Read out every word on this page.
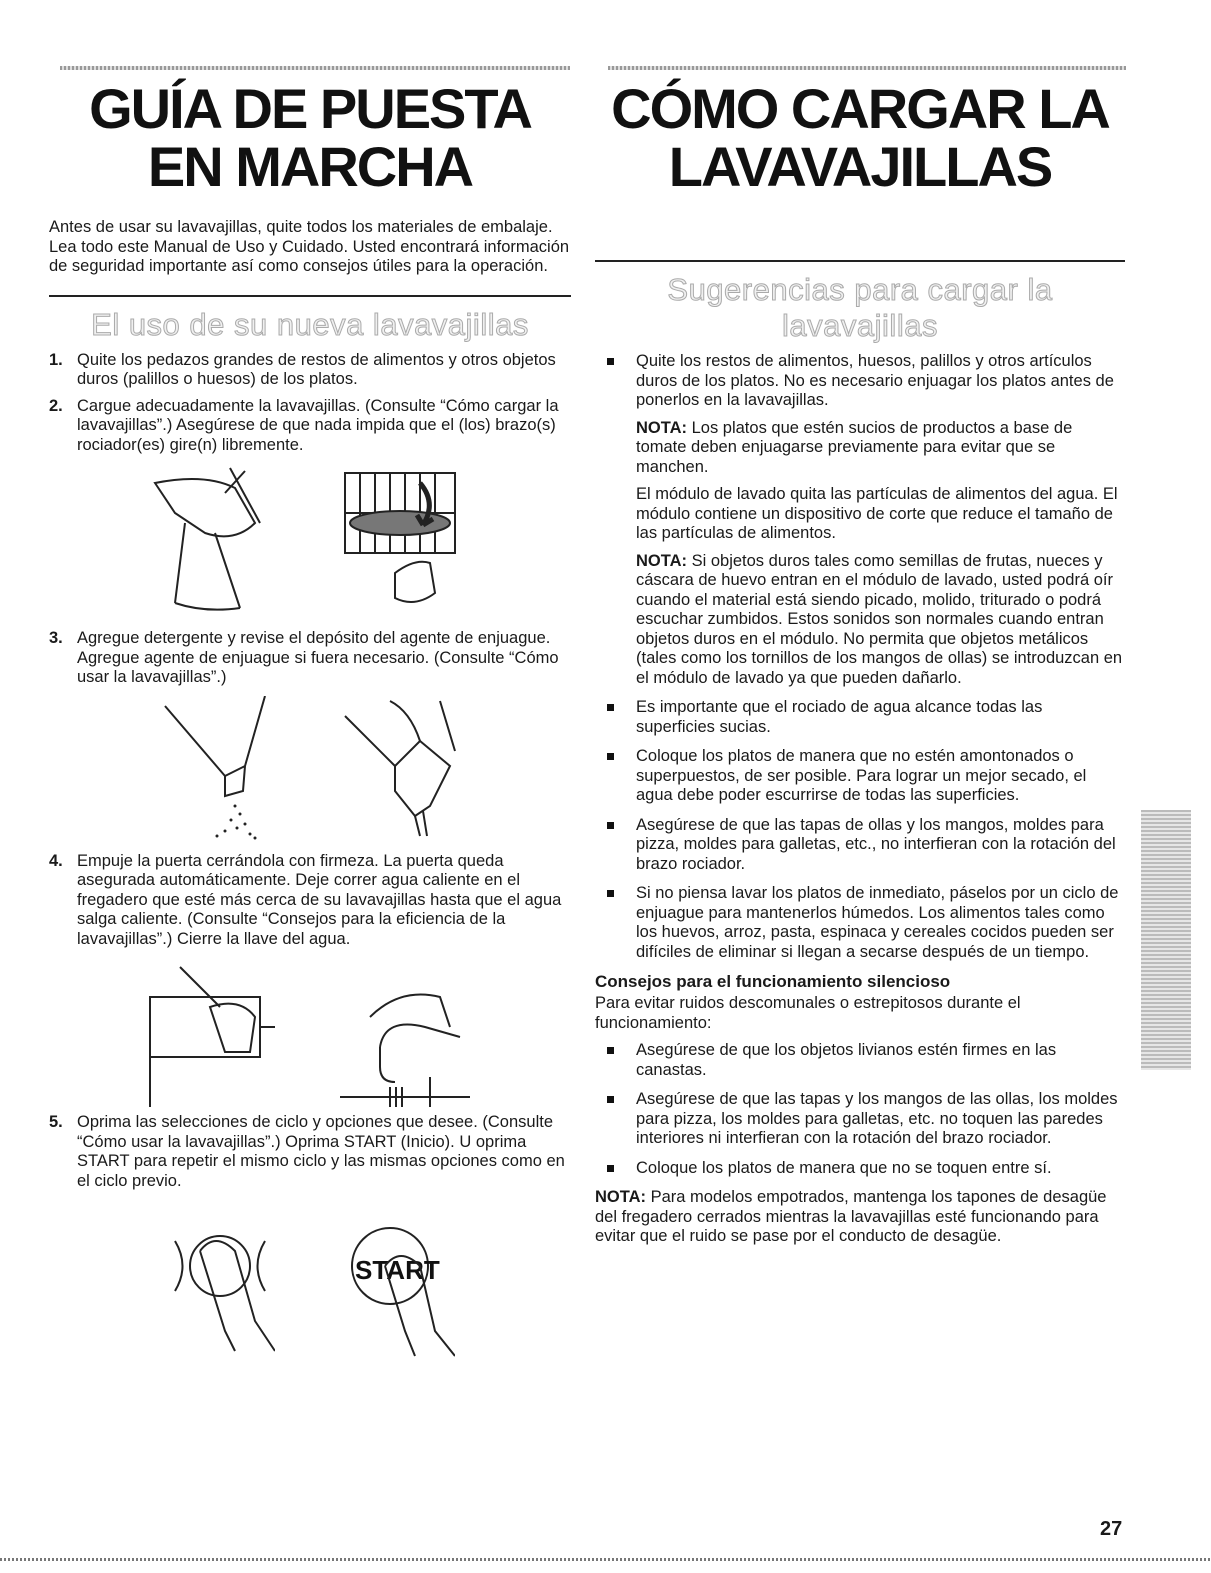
GUÍA DE PUESTA
EN MARCHA

Antes de usar su lavavajillas, quite todos los materiales de embalaje. Lea todo este Manual de Uso y Cuidado. Usted encontrará información de seguridad importante así como consejos útiles para la operación.

El uso de su nueva lavavajillas
1. Quite los pedazos grandes de restos de alimentos y otros objetos duros (palillos o huesos) de los platos.
2. Cargue adecuadamente la lavavajillas. (Consulte “Cómo cargar la lavavajillas”.) Asegúrese de que nada impida que el (los) brazo(s) rociador(es) gire(n) libremente.
3. Agregue detergente y revise el depósito del agente de enjuague. Agregue agente de enjuague si fuera necesario. (Consulte “Cómo usar la lavavajillas”.)
4. Empuje la puerta cerrándola con firmeza. La puerta queda asegurada automáticamente. Deje correr agua caliente en el fregadero que esté más cerca de su lavavajillas hasta que el agua salga caliente. (Consulte “Consejos para la eficiencia de la lavavajillas”.) Cierre la llave del agua.
5. Oprima las selecciones de ciclo y opciones que desee. (Consulte “Cómo usar la lavavajillas”.) Oprima START (Inicio). U oprima START para repetir el mismo ciclo y las mismas opciones como en el ciclo previo.
START
CÓMO CARGAR LA
LAVAVAJILLAS
Sugerencias para cargar la lavavajillas
Quite los restos de alimentos, huesos, palillos y otros artículos duros de los platos. No es necesario enjuagar los platos antes de ponerlos en la lavavajillas.
NOTA: Los platos que estén sucios de productos a base de tomate deben enjuagarse previamente para evitar que se manchen.
El módulo de lavado quita las partículas de alimentos del agua. El módulo contiene un dispositivo de corte que reduce el tamaño de las partículas de alimentos.
NOTA: Si objetos duros tales como semillas de frutas, nueces y cáscara de huevo entran en el módulo de lavado, usted podrá oír cuando el material está siendo picado, molido, triturado o podrá escuchar zumbidos. Estos sonidos son normales cuando entran objetos duros en el módulo. No permita que objetos metálicos (tales como los tornillos de los mangos de ollas) se introduzcan en el módulo de lavado ya que pueden dañarlo.
Es importante que el rociado de agua alcance todas las superficies sucias.
Coloque los platos de manera que no estén amontonados o superpuestos, de ser posible. Para lograr un mejor secado, el agua debe poder escurrirse de todas las superficies.
Asegúrese de que las tapas de ollas y los mangos, moldes para pizza, moldes para galletas, etc., no interfieran con la rotación del brazo rociador.
Si no piensa lavar los platos de inmediato, páselos por un ciclo de enjuague para mantenerlos húmedos. Los alimentos tales como los huevos, arroz, pasta, espinaca y cereales cocidos pueden ser difíciles de eliminar si llegan a secarse después de un tiempo.
Consejos para el funcionamiento silencioso

Para evitar ruidos descomunales o estrepitosos durante el funcionamiento:

Asegúrese de que los objetos livianos estén firmes en las canastas.
Asegúrese de que las tapas y los mangos de las ollas, los moldes para pizza, los moldes para galletas, etc. no toquen las paredes interiores ni interfieran con la rotación del brazo rociador.
Coloque los platos de manera que no se toquen entre sí.

NOTA: Para modelos empotrados, mantenga los tapones de desagüe del fregadero cerrados mientras la lavavajillas esté funcionando para evitar que el ruido se pase por el conducto de desagüe.

27
